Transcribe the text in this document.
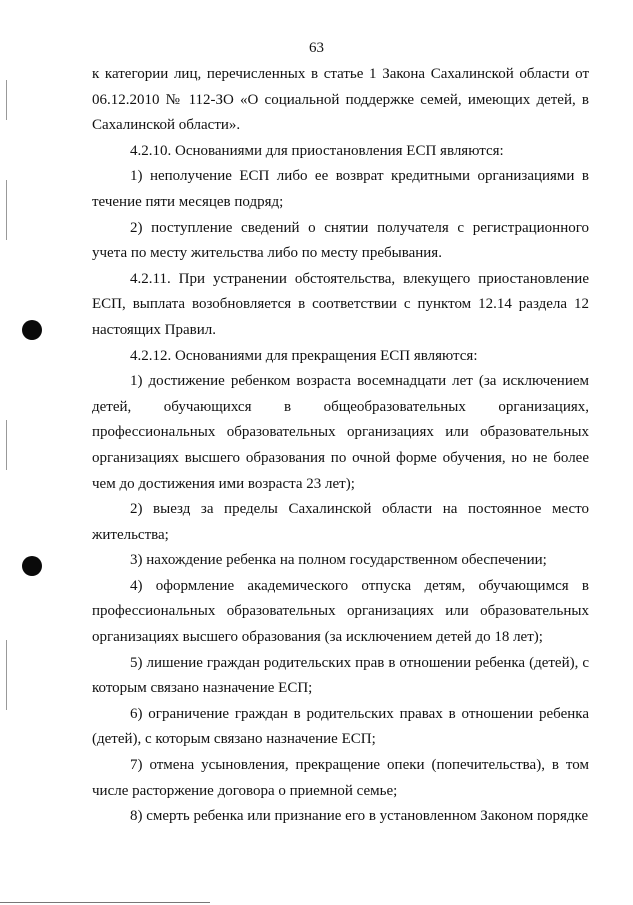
63

к категории лиц, перечисленных в статье 1 Закона Сахалинской области от 06.12.2010 № 112-ЗО «О социальной поддержке семей, имеющих детей, в Сахалинской области».

4.2.10. Основаниями для приостановления ЕСП являются:

1) неполучение ЕСП либо ее возврат кредитными организациями в течение пяти месяцев подряд;

2) поступление сведений о снятии получателя с регистрационного учета по месту жительства либо по месту пребывания.

4.2.11. При устранении обстоятельства, влекущего приостановление ЕСП, выплата возобновляется в соответствии с пунктом 12.14 раздела 12 настоящих Правил.

4.2.12. Основаниями для прекращения ЕСП являются:

1) достижение ребенком возраста восемнадцати лет (за исключением детей, обучающихся в общеобразовательных организациях, профессиональных образовательных организациях или образовательных организациях высшего образования по очной форме обучения, но не более чем до достижения ими возраста 23 лет);

2) выезд за пределы Сахалинской области на постоянное место жительства;

3) нахождение ребенка на полном государственном обеспечении;

4) оформление академического отпуска детям, обучающимся в профессиональных образовательных организациях или образовательных организациях высшего образования (за исключением детей до 18 лет);

5) лишение граждан родительских прав в отношении ребенка (детей), с которым связано назначение ЕСП;

6) ограничение граждан в родительских правах в отношении ребенка (детей), с которым связано назначение ЕСП;

7) отмена усыновления, прекращение опеки (попечительства), в том числе расторжение договора о приемной семье;

8) смерть ребенка или признание его в установленном Законом порядке
